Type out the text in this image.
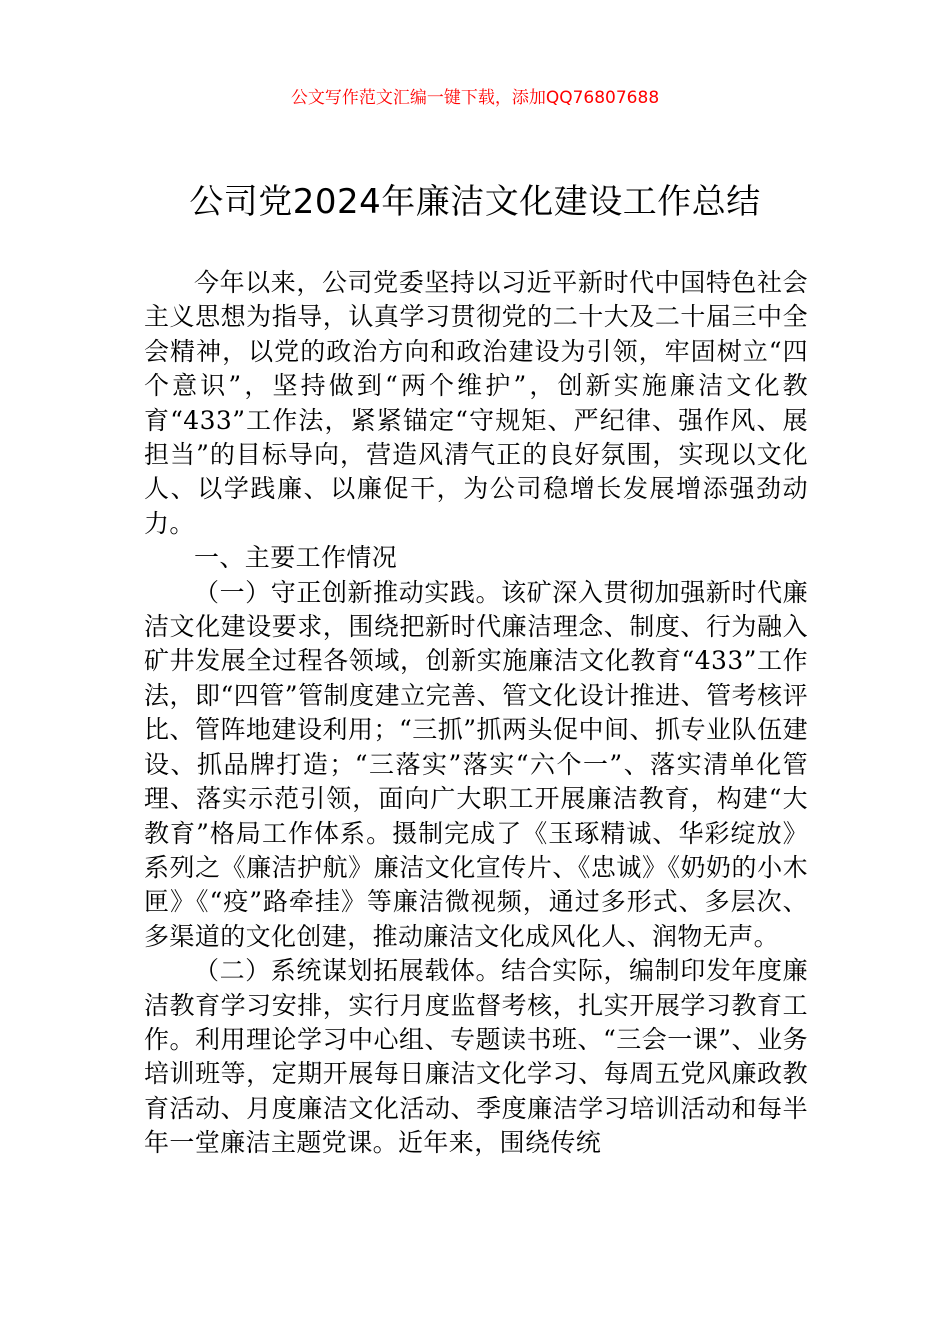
公文写作范文汇编一键下载，添加QQ76807688
公司党2024年廉洁文化建设工作总结

今年以来，公司党委坚持以习近平新时代中国特色社会主义思想为指导，认真学习贯彻党的二十大及二十届三中全会精神，以党的政治方向和政治建设为引领，牢固树立“四个意识”，坚持做到“两个维护”，创新实施廉洁文化教育“433”工作法，紧紧锚定“守规矩、严纪律、强作风、展担当”的目标导向，营造风清气正的良好氛围，实现以文化人、以学践廉、以廉促干，为公司稳增长发展增添强劲动力。

一、主要工作情况

（一）守正创新推动实践。该矿深入贯彻加强新时代廉洁文化建设要求，围绕把新时代廉洁理念、制度、行为融入矿井发展全过程各领域，创新实施廉洁文化教育“433”工作法，即“四管”管制度建立完善、管文化设计推进、管考核评比、管阵地建设利用；“三抓”抓两头促中间、抓专业队伍建设、抓品牌打造；“三落实”落实“六个一”、落实清单化管理、落实示范引领，面向广大职工开展廉洁教育，构建“大教育”格局工作体系。摄制完成了《玉琢精诚、华彩绽放》系列之《廉洁护航》廉洁文化宣传片、《忠诚》《奶奶的小木匣》《“疫”路牵挂》等廉洁微视频，通过多形式、多层次、多渠道的文化创建，推动廉洁文化成风化人、润物无声。

（二）系统谋划拓展载体。结合实际，编制印发年度廉洁教育学习安排，实行月度监督考核，扎实开展学习教育工作。利用理论学习中心组、专题读书班、“三会一课”、业务培训班等，定期开展每日廉洁文化学习、每周五党风廉政教育活动、月度廉洁文化活动、季度廉洁学习培训活动和每半年一堂廉洁主题党课。近年来，围绕传统
